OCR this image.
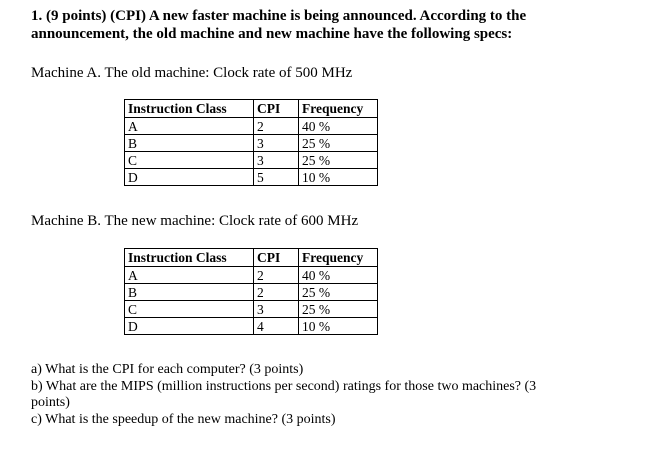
1. (9 points) (CPI) A new faster machine is being announced. According to the
announcement, the old machine and new machine have the following specs:
Machine A. The old machine: Clock rate of 500 MHz
Instruction Class	CPI	Frequency
A	2	40 %
B	3	25 %
C	3	25 %
D	5	10 %
Machine B. The new machine: Clock rate of 600 MHz
Instruction Class	CPI	Frequency
A	2	40 %
B	2	25 %
C	3	25 %
D	4	10 %
a) What is the CPI for each computer? (3 points)
b) What are the MIPS (million instructions per second) ratings for those two machines? (3
points)
c) What is the speedup of the new machine? (3 points)
